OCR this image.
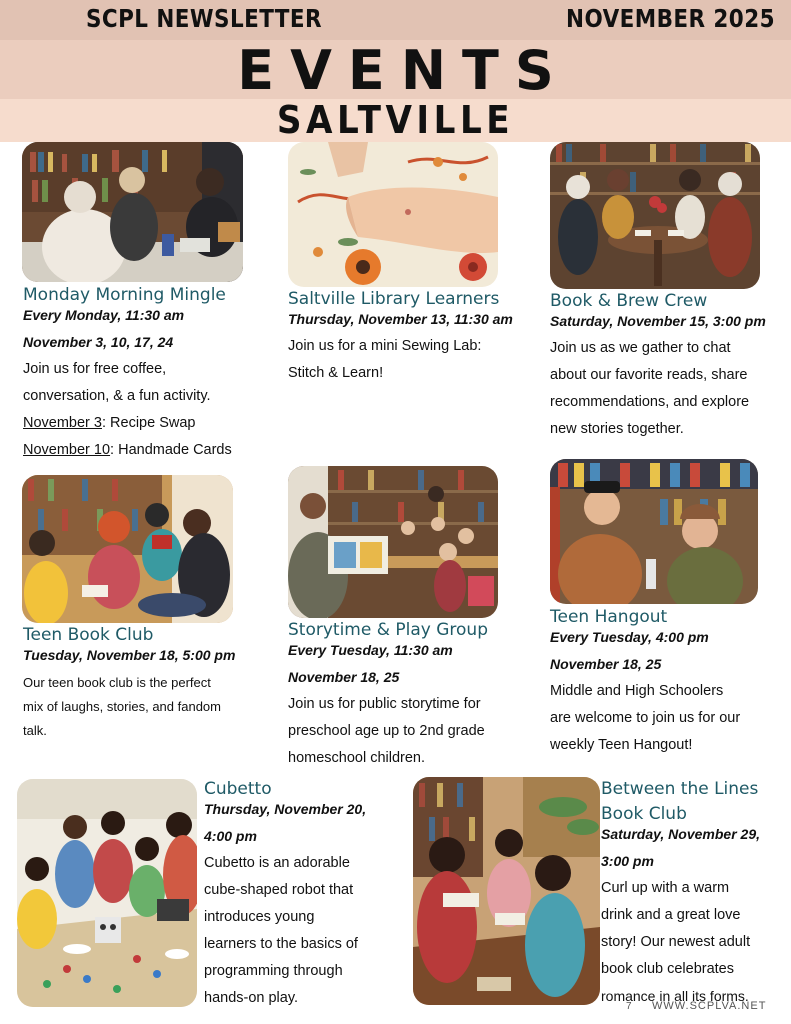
SCPL NEWSLETTER	NOVEMBER 2025
EVENTS
SALTVILLE
Monday Morning Mingle
Every Monday, 11:30 am
November 3, 10, 17, 24
Join us for free coffee,
conversation, & a fun activity.
November 3: Recipe Swap
November 10: Handmade Cards
Saltville Library Learners
Thursday, November 13, 11:30 am
Join us for a mini Sewing Lab:
Stitch & Learn!
Book & Brew Crew
Saturday, November 15, 3:00 pm
Join us as we gather to chat
about our favorite reads, share
recommendations, and explore
new stories together.
Teen Book Club
Tuesday, November 18, 5:00 pm
Our teen book club is the perfect
mix of laughs, stories, and fandom
talk.
Storytime & Play Group
Every Tuesday, 11:30 am
November 18, 25
Join us for public storytime for
preschool age up to 2nd grade
homeschool children.
Teen Hangout
Every Tuesday, 4:00 pm
November 18, 25
Middle and High Schoolers
are welcome to join us for our
weekly Teen Hangout!
Cubetto
Thursday, November 20,
4:00 pm
Cubetto is an adorable
cube-shaped robot that
introduces young
learners to the basics of
programming through
hands-on play.
Between the Lines
Book Club
Saturday, November 29,
3:00 pm
Curl up with a warm
drink and a great love
story! Our newest adult
book club celebrates
romance in all its forms.
7 WWW.SCPLVA.NET
